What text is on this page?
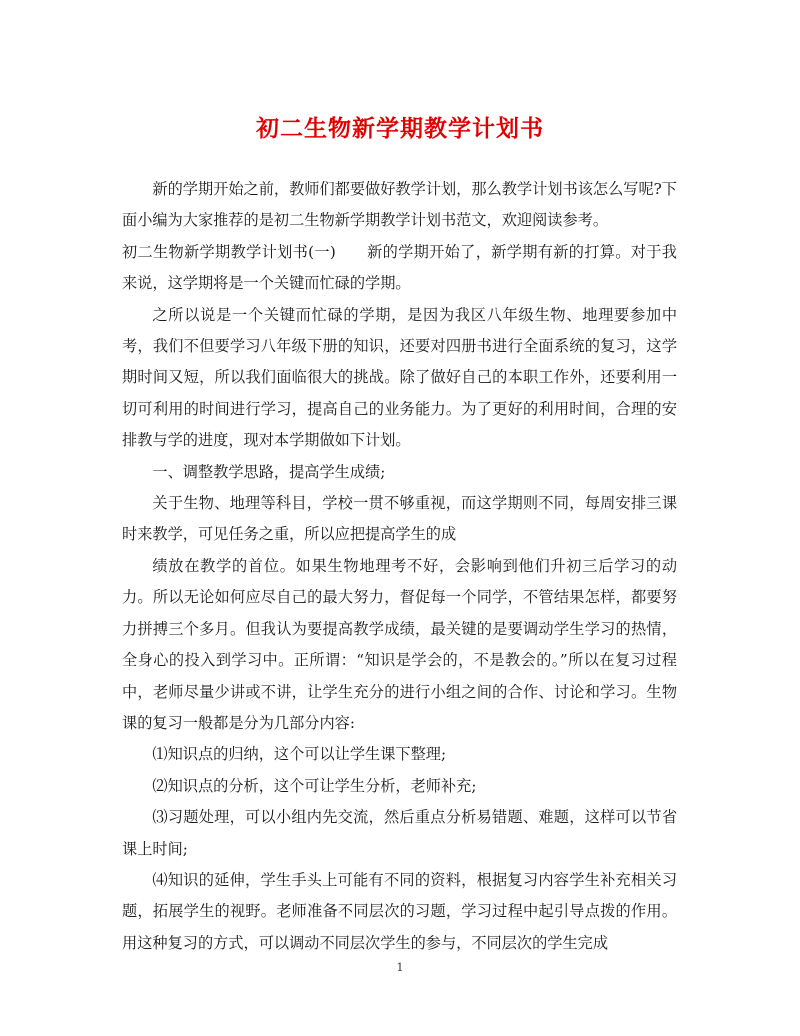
初二生物新学期教学计划书

新的学期开始之前，教师们都要做好教学计划，那么教学计划书该怎么写呢?下面小编为大家推荐的是初二生物新学期教学计划书范文，欢迎阅读参考。

初二生物新学期教学计划书(一)　　新的学期开始了，新学期有新的打算。对于我来说，这学期将是一个关键而忙碌的学期。

之所以说是一个关键而忙碌的学期，是因为我区八年级生物、地理要参加中考，我们不但要学习八年级下册的知识，还要对四册书进行全面系统的复习，这学期时间又短，所以我们面临很大的挑战。除了做好自己的本职工作外，还要利用一切可利用的时间进行学习，提高自己的业务能力。为了更好的利用时间，合理的安排教与学的进度，现对本学期做如下计划。

一、调整教学思路，提高学生成绩;

关于生物、地理等科目，学校一贯不够重视，而这学期则不同，每周安排三课时来教学，可见任务之重，所以应把提高学生的成

绩放在教学的首位。如果生物地理考不好，会影响到他们升初三后学习的动力。所以无论如何应尽自己的最大努力，督促每一个同学，不管结果怎样，都要努力拼搏三个多月。但我认为要提高教学成绩，最关键的是要调动学生学习的热情，全身心的投入到学习中。正所谓：“知识是学会的，不是教会的。”所以在复习过程中，老师尽量少讲或不讲，让学生充分的进行小组之间的合作、讨论和学习。生物课的复习一般都是分为几部分内容:

⑴知识点的归纳，这个可以让学生课下整理;

⑵知识点的分析，这个可让学生分析，老师补充;

⑶习题处理，可以小组内先交流，然后重点分析易错题、难题，这样可以节省课上时间;

⑷知识的延伸，学生手头上可能有不同的资料，根据复习内容学生补充相关习题，拓展学生的视野。老师准备不同层次的习题，学习过程中起引导点拨的作用。用这种复习的方式，可以调动不同层次学生的参与，不同层次的学生完成

1
